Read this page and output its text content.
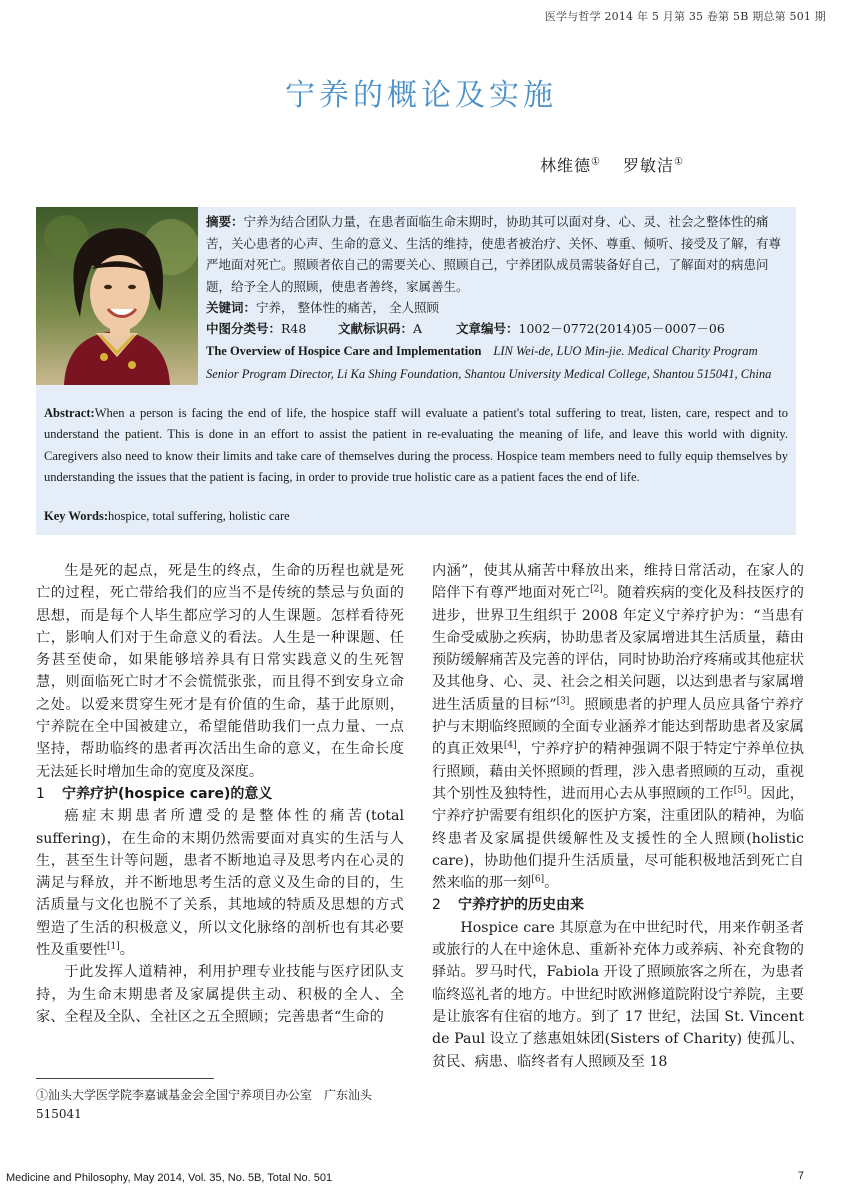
医学与哲学 2014 年 5 月第 35 卷第 5B 期总第 501 期
宁养的概论及实施
林维德① 罗敏洁①
摘要：宁养为结合团队力量，在患者面临生命末期时，协助其可以面对身、心、灵、社会之整体性的痛苦，关心患者的心声、生命的意义、生活的维持，使患者被治疗、关怀、尊重、倾听、接受及了解，有尊严地面对死亡。照顾者依自己的需要关心、照顾自己，宁养团队成员需装备好自己，了解面对的病患问题，给予全人的照顾，使患者善终，家属善生。
关键词：宁养， 整体性的痛苦， 全人照顾
中图分类号：R48	文献标识码：A	文章编号：1002－0772(2014)05－0007－06
The Overview of Hospice Care and Implementation LIN Wei-de, LUO Min-jie. Medical Charity Program Senior Program Director, Li Ka Shing Foundation, Shantou University Medical College, Shantou 515041, China
Abstract:When a person is facing the end of life, the hospice staff will evaluate a patient's total suffering to treat, listen, care, respect and to understand the patient. This is done in an effort to assist the patient in re-evaluating the meaning of life, and leave this world with dignity. Caregivers also need to know their limits and take care of themselves during the process. Hospice team members need to fully equip themselves by understanding the issues that the patient is facing, in order to provide true holistic care as a patient faces the end of life.
Key Words:hospice, total suffering, holistic care

生是死的起点，死是生的终点，生命的历程也就是死亡的过程，死亡带给我们的应当不是传统的禁忌与负面的思想，而是每个人毕生都应学习的人生课题。怎样看待死亡，影响人们对于生命意义的看法。人生是一种课题、任务甚至使命，如果能够培养具有日常实践意义的生死智慧，则面临死亡时才不会慌慌张张，而且得不到安身立命之处。以爱来贯穿生死才是有价值的生命，基于此原则，宁养院在全中国被建立，希望能借助我们一点力量、一点坚持，帮助临终的患者再次活出生命的意义，在生命长度无法延长时增加生命的宽度及深度。

1 宁养疗护(hospice care)的意义

癌症末期患者所遭受的是整体性的痛苦(total suffering)，在生命的末期仍然需要面对真实的生活与人生，甚至生计等问题，患者不断地追寻及思考内在心灵的满足与释放，并不断地思考生活的意义及生命的目的，生活质量与文化也脱不了关系，其地域的特质及思想的方式塑造了生活的积极意义，所以文化脉络的剖析也有其必要性及重要性[1]。

于此发挥人道精神，利用护理专业技能与医疗团队支持，为生命末期患者及家属提供主动、积极的全人、全家、全程及全队、全社区之五全照顾；完善患者“生命的

内涵”，使其从痛苦中释放出来，维持日常活动，在家人的陪伴下有尊严地面对死亡[2]。随着疾病的变化及科技医疗的进步，世界卫生组织于 2008 年定义宁养疗护为：“当患有生命受威胁之疾病，协助患者及家属增进其生活质量，藉由预防缓解痛苦及完善的评估，同时协助治疗疼痛或其他症状及其他身、心、灵、社会之相关问题，以达到患者与家属增进生活质量的目标”[3]。照顾患者的护理人员应具备宁养疗护与末期临终照顾的全面专业涵养才能达到帮助患者及家属的真正效果[4]，宁养疗护的精神强调不限于特定宁养单位执行照顾，藉由关怀照顾的哲理，涉入患者照顾的互动，重视其个别性及独特性，进而用心去从事照顾的工作[5]。因此，宁养疗护需要有组织化的医护方案，注重团队的精神，为临终患者及家属提供缓解性及支援性的全人照顾(holistic care)，协助他们提升生活质量，尽可能积极地活到死亡自然来临的那一刻[6]。

2 宁养疗护的历史由来

Hospice care 其原意为在中世纪时代，用来作朝圣者或旅行的人在中途休息、重新补充体力或养病、补充食物的驿站。罗马时代，Fabiola 开设了照顾旅客之所在，为患者临终巡礼者的地方。中世纪时欧洲修道院附设宁养院，主要是让旅客有住宿的地方。到了 17 世纪，法国 St. Vincent de Paul 设立了慈惠姐妹团(Sisters of Charity) 使孤儿、贫民、病患、临终者有人照顾及至 18

①汕头大学医学院李嘉诚基金会全国宁养项目办公室　广东汕头 515041
Medicine and Philosophy, May 2014, Vol. 35, No. 5B, Total No. 501	7
